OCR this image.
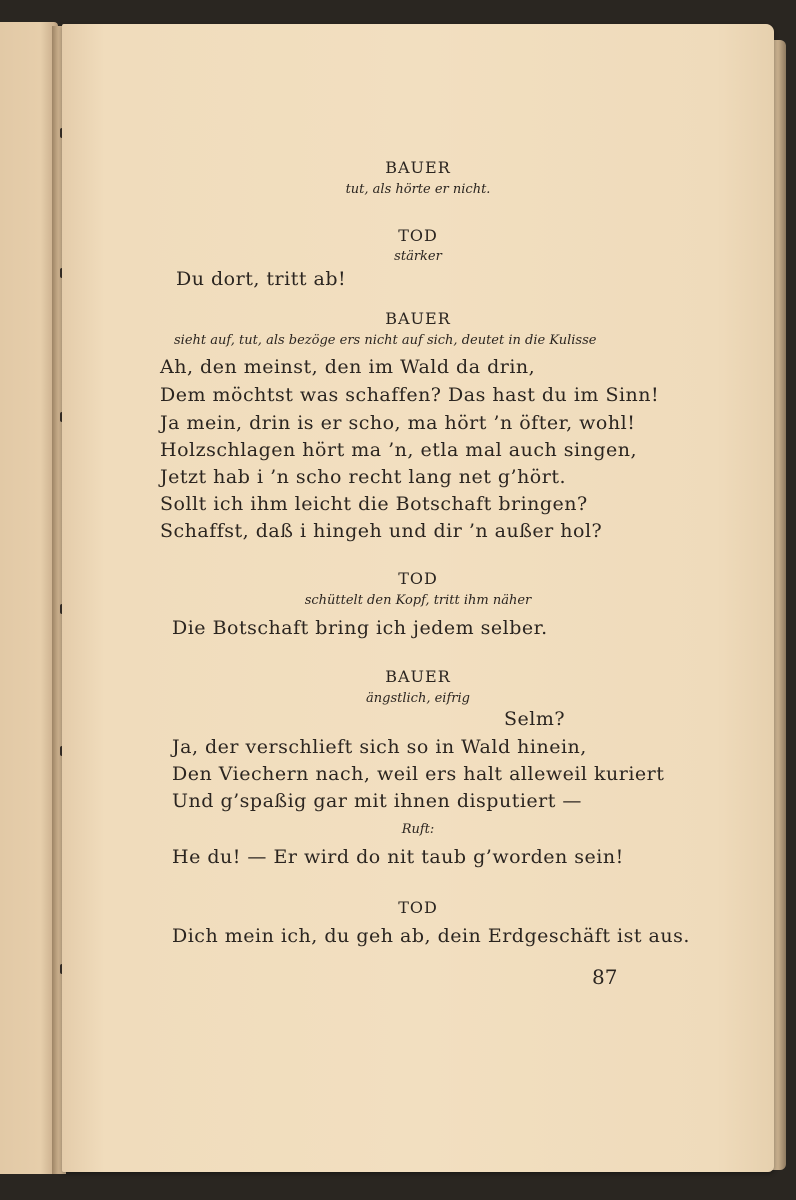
BAUER
tut, als hörte er nicht.
TOD
stärker
Du dort, tritt ab!
BAUER
sieht auf, tut, als bezöge ers nicht auf sich, deutet in die Kulisse
Ah, den meinst, den im Wald da drin,
Dem möchtst was schaffen? Das hast du im Sinn!
Ja mein, drin is er scho, ma hört ’n öfter, wohl!
Holzschlagen hört ma ’n, etla mal auch singen,
Jetzt hab i ’n scho recht lang net g’hört.
Sollt ich ihm leicht die Botschaft bringen?
Schaffst, daß i hingeh und dir ’n außer hol?
TOD
schüttelt den Kopf, tritt ihm näher
Die Botschaft bring ich jedem selber.
BAUER
ängstlich, eifrig
Selm?
Ja, der verschlieft sich so in Wald hinein,
Den Viechern nach, weil ers halt alleweil kuriert
Und g’spaßig gar mit ihnen disputiert —
Ruft:
He du! — Er wird do nit taub g’worden sein!
TOD
Dich mein ich, du geh ab, dein Erdgeschäft ist aus.
87
